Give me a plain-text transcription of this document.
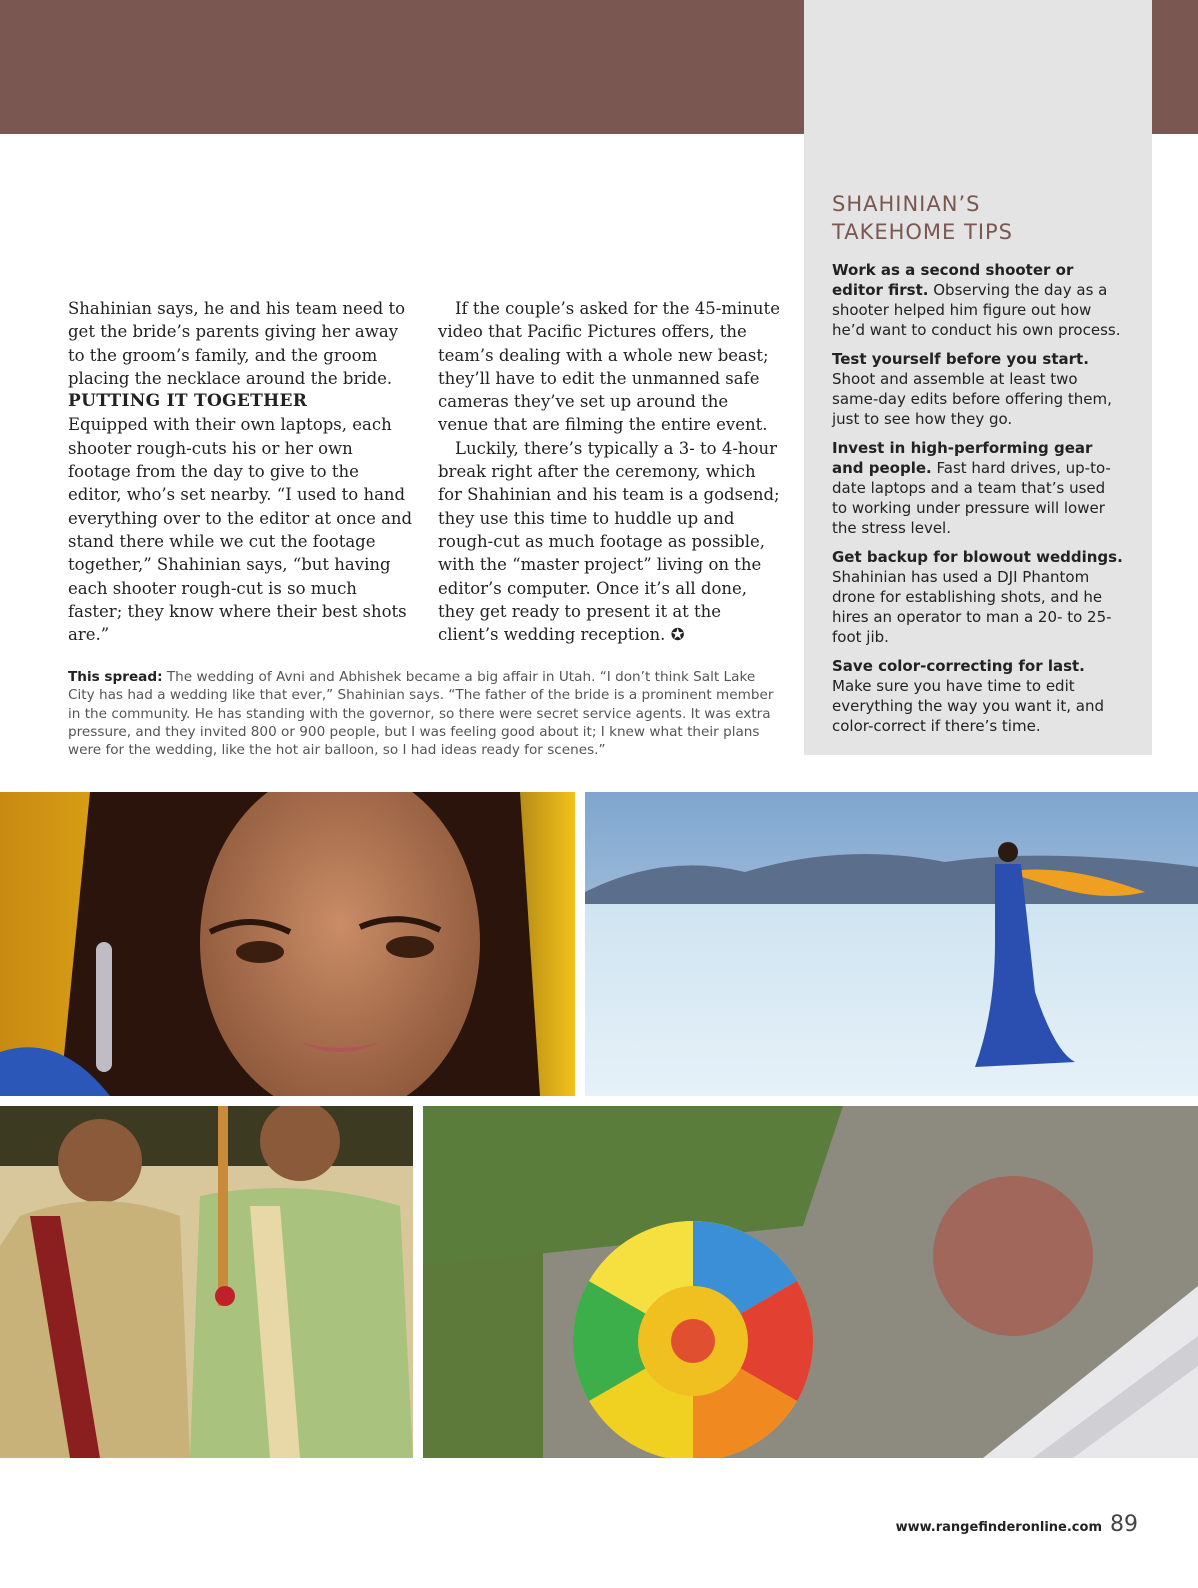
SHAHINIAN’S
TAKEHOME TIPS

Work as a second shooter or editor first. Observing the day as a shooter helped him figure out how he’d want to conduct his own process.

Test yourself before you start. Shoot and assemble at least two same-day edits before offering them, just to see how they go.

Invest in high-performing gear and people. Fast hard drives, up-to-date laptops and a team that’s used to working under pressure will lower the stress level.

Get backup for blowout weddings. Shahinian has used a DJI Phantom drone for establishing shots, and he hires an operator to man a 20- to 25-foot jib.

Save color-correcting for last. Make sure you have time to edit everything the way you want it, and color-correct if there’s time.

Shahinian says, he and his team need to get the bride’s parents giving her away to the groom’s family, and the groom placing the necklace around the bride.

PUTTING IT TOGETHER

Equipped with their own laptops, each shooter rough-cuts his or her own footage from the day to give to the editor, who’s set nearby. “I used to hand everything over to the editor at once and stand there while we cut the footage together,” Shahinian says, “but having each shooter rough-cut is so much faster; they know where their best shots are.”

If the couple’s asked for the 45-minute video that Pacific Pictures offers, the team’s dealing with a whole new beast; they’ll have to edit the unmanned safe cameras they’ve set up around the venue that are filming the entire event.

Luckily, there’s typically a 3- to 4-hour break right after the ceremony, which for Shahinian and his team is a godsend; they use this time to huddle up and rough-cut as much footage as possible, with the “master project” living on the editor’s computer. Once it’s all done, they get ready to present it at the client’s wedding reception. ✪

This spread: The wedding of Avni and Abhishek became a big affair in Utah. “I don’t think Salt Lake City has had a wedding like that ever,” Shahinian says. “The father of the bride is a prominent member in the community. He has standing with the governor, so there were secret service agents. It was extra pressure, and they invited 800 or 900 people, but I was feeling good about it; I knew what their plans were for the wedding, like the hot air balloon, so I had ideas ready for scenes.”
www.rangefinderonline.com 89
